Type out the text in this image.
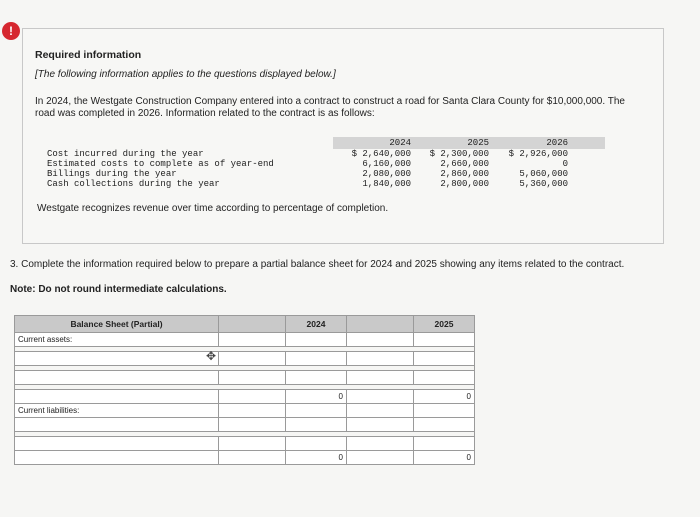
!
Required information
[The following information applies to the questions displayed below.]
In 2024, the Westgate Construction Company entered into a contract to construct a road for Santa Clara County for $10,000,000. The road was completed in 2026. Information related to the contract is as follows:
2024	2025	2026
Cost incurred during the year	$ 2,640,000	$ 2,300,000	$ 2,926,000
Estimated costs to complete as of year-end	6,160,000	2,660,000	0
Billings during the year	2,080,000	2,860,000	5,060,000
Cash collections during the year	1,840,000	2,800,000	5,360,000
Westgate recognizes revenue over time according to percentage of completion.
3. Complete the information required below to prepare a partial balance sheet for 2024 and 2025 showing any items related to the contract.
Note: Do not round intermediate calculations.
Balance Sheet (Partial)		2024		2025
Current assets:				

		0		0
Current liabilities:				

		0		0
✥
